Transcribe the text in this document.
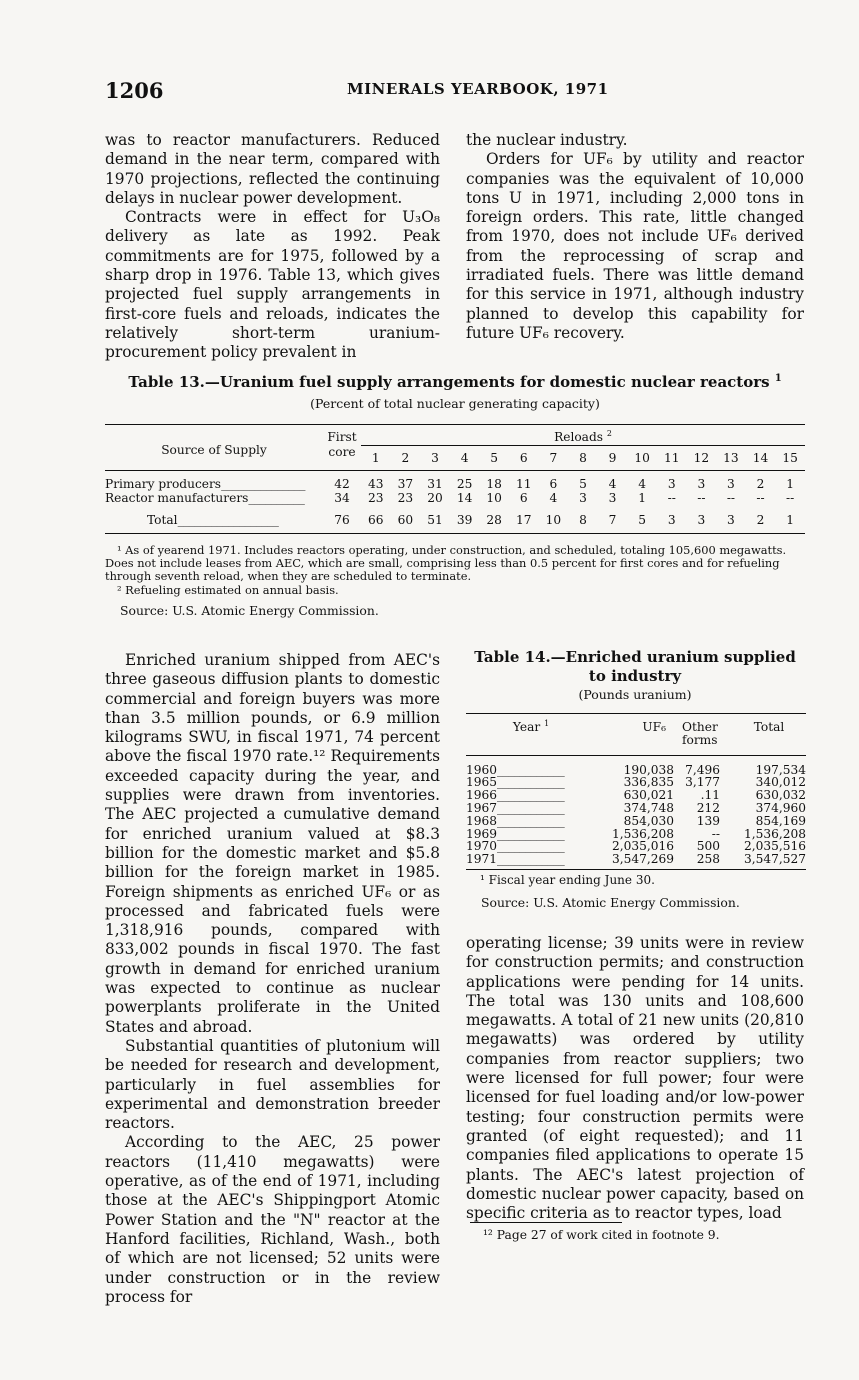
1206	MINERALS YEARBOOK, 1971

was to reactor manufacturers. Reduced demand in the near term, compared with 1970 projections, reflected the continuing delays in nuclear power development.

Contracts were in effect for U₃O₈ delivery as late as 1992. Peak commitments are for 1975, followed by a sharp drop in 1976. Table 13, which gives projected fuel supply arrangements in first-core fuels and reloads, indicates the relatively short-term uranium-procurement policy prevalent in

the nuclear industry.

Orders for UF₆ by utility and reactor companies was the equivalent of 10,000 tons U in 1971, including 2,000 tons in foreign orders. This rate, little changed from 1970, does not include UF₆ derived from the reprocessing of scrap and irradiated fuels. There was little demand for this service in 1971, although industry planned to develop this capability for future UF₆ recovery.

Table 13.—Uranium fuel supply arrangements for domestic nuclear reactors $^1$
(Percent of total nuclear generating capacity)
Source of Supply	First
core	Reloads $^2$
		1	2	3	4	5	6	7	8	9	10	11	12	13	14	15
Primary producers_______________	42	43	37	31	25	18	11	6	5	4	4	3	3	3	2	1
Reactor manufacturers__________	34	23	23	20	14	10	6	4	3	3	1	--	--	--	--	--

Total__________________	76	66	60	51	39	28	17	10	8	7	5	3	3	3	2	1

¹ As of yearend 1971. Includes reactors operating, under construction, and scheduled, totaling 105,600 megawatts. Does not include leases from AEC, which are small, comprising less than 0.5 percent for first cores and for refueling through seventh reload, when they are scheduled to terminate.

² Refueling estimated on annual basis.

Source: U.S. Atomic Energy Commission.

Enriched uranium shipped from AEC's three gaseous diffusion plants to domestic commercial and foreign buyers was more than 3.5 million pounds, or 6.9 million kilograms SWU, in fiscal 1971, 74 percent above the fiscal 1970 rate.¹² Requirements exceeded capacity during the year, and supplies were drawn from inventories. The AEC projected a cumulative demand for enriched uranium valued at $8.3 billion for the domestic market and $5.8 billion for the foreign market in 1985. Foreign shipments as enriched UF₆ or as processed and fabricated fuels were 1,318,916 pounds, compared with 833,002 pounds in fiscal 1970. The fast growth in demand for enriched uranium was expected to continue as nuclear powerplants proliferate in the United States and abroad.

Substantial quantities of plutonium will be needed for research and development, particularly in fuel assemblies for experimental and demonstration breeder reactors.

According to the AEC, 25 power reactors (11,410 megawatts) were operative, as of the end of 1971, including those at the AEC's Shippingport Atomic Power Station and the "N" reactor at the Hanford facilities, Richland, Wash., both of which are not licensed; 52 units were under construction or in the review process for

Table 14.—Enriched uranium supplied to industry
(Pounds uranium)
Year $^1$	UF₆	Other
forms	Total
1960____________	190,038	7,496	197,534
1965____________	336,835	3,177	340,012
1966____________	630,021	.11	630,032
1967____________	374,748	212	374,960
1968____________	854,030	139	854,169
1969____________	1,536,208	--	1,536,208
1970____________	2,035,016	500	2,035,516
1971____________	3,547,269	258	3,547,527
¹ Fiscal year ending June 30.
Source: U.S. Atomic Energy Commission.

operating license; 39 units were in review for construction permits; and construction applications were pending for 14 units. The total was 130 units and 108,600 megawatts. A total of 21 new units (20,810 megawatts) was ordered by utility companies from reactor suppliers; two were licensed for full power; four were licensed for fuel loading and/or low-power testing; four construction permits were granted (of eight requested); and 11 companies filed applications to operate 15 plants. The AEC's latest projection of domestic nuclear power capacity, based on specific criteria as to reactor types, load

¹² Page 27 of work cited in footnote 9.
